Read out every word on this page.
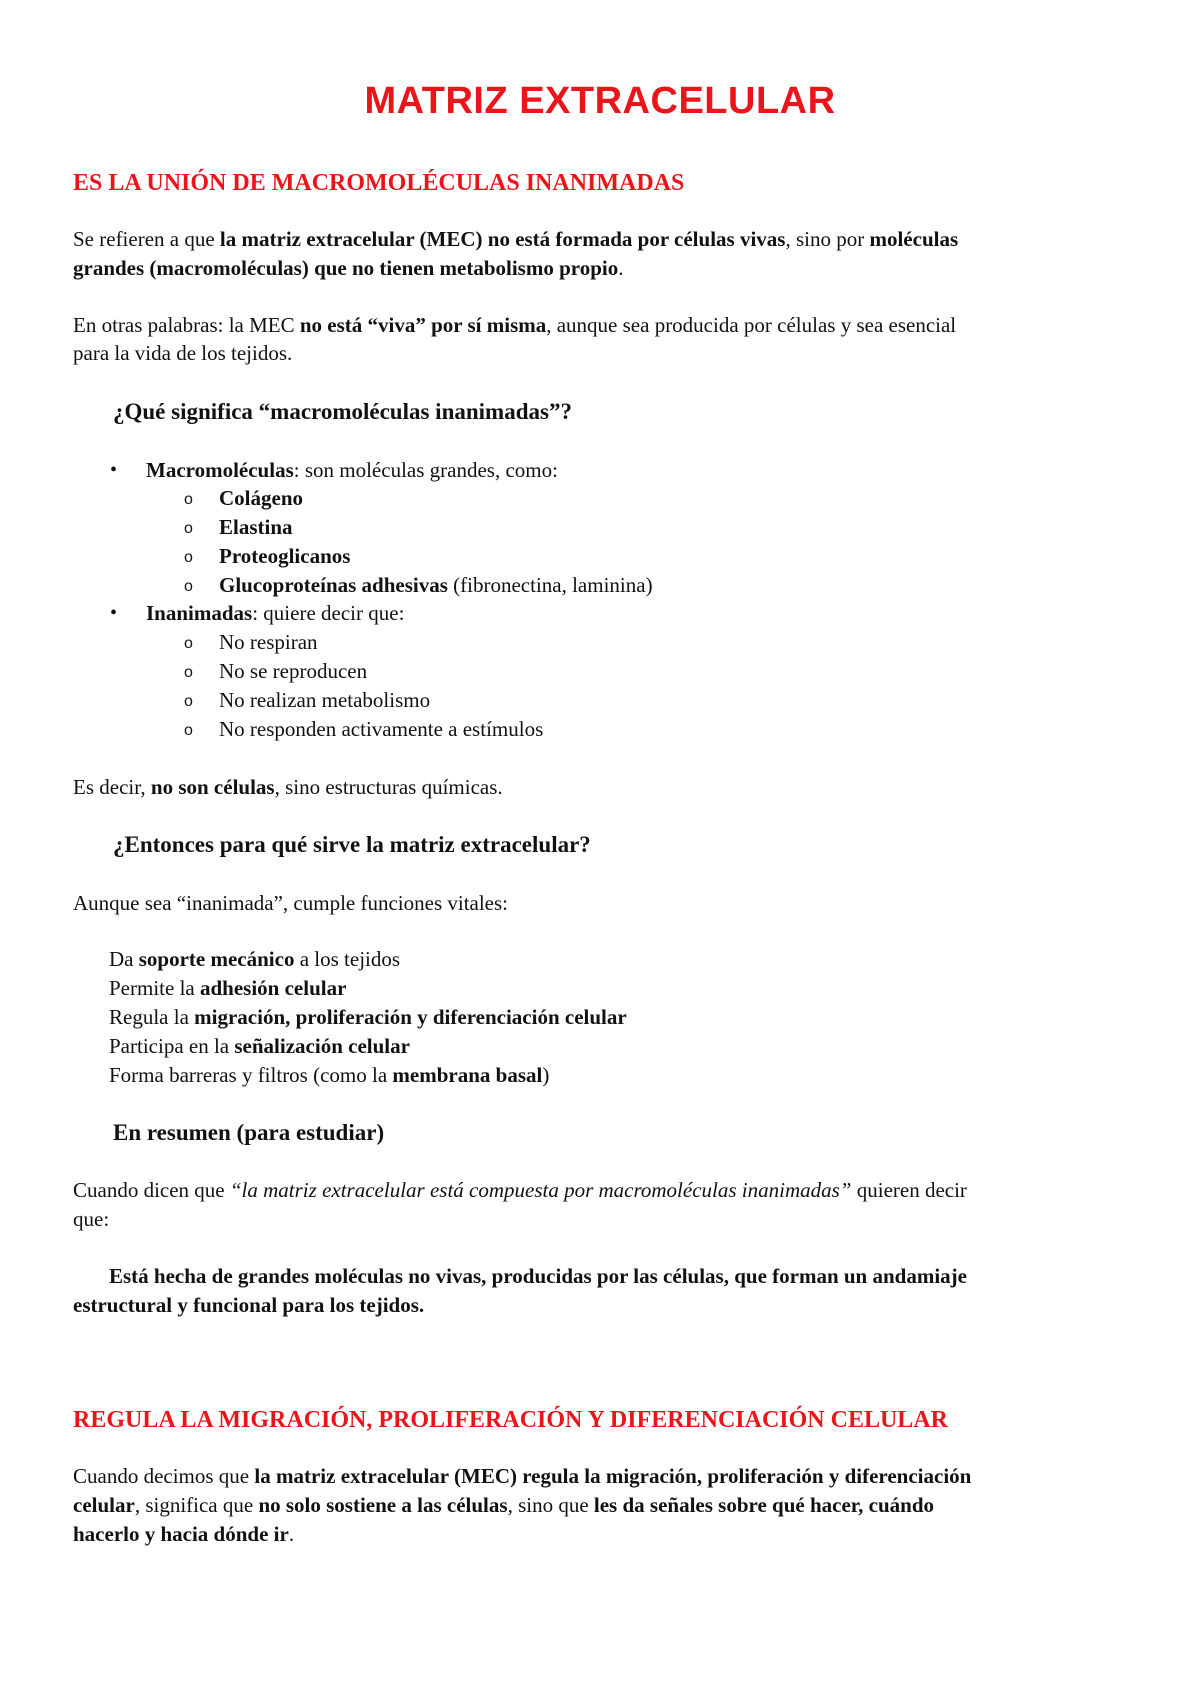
MATRIZ EXTRACELULAR
ES LA UNIÓN DE MACROMOLÉCULAS INANIMADAS
Se refieren a que la matriz extracelular (MEC) no está formada por células vivas, sino por moléculas
grandes (macromoléculas) que no tienen metabolismo propio.
En otras palabras: la MEC no está “viva” por sí misma, aunque sea producida por células y sea esencial
para la vida de los tejidos.
¿Qué significa “macromoléculas inanimadas”?
• Macromoléculas: son moléculas grandes, como:
o Colágeno
o Elastina
o Proteoglicanos
o Glucoproteínas adhesivas (fibronectina, laminina)
• Inanimadas: quiere decir que:
o No respiran
o No se reproducen
o No realizan metabolismo
o No responden activamente a estímulos
Es decir, no son células, sino estructuras químicas.
¿Entonces para qué sirve la matriz extracelular?
Aunque sea “inanimada”, cumple funciones vitales:
Da soporte mecánico a los tejidos
Permite la adhesión celular
Regula la migración, proliferación y diferenciación celular
Participa en la señalización celular
Forma barreras y filtros (como la membrana basal)
En resumen (para estudiar)
Cuando dicen que “la matriz extracelular está compuesta por macromoléculas inanimadas” quieren decir
que:
Está hecha de grandes moléculas no vivas, producidas por las células, que forman un andamiaje
estructural y funcional para los tejidos.
REGULA LA MIGRACIÓN, PROLIFERACIÓN Y DIFERENCIACIÓN CELULAR
Cuando decimos que la matriz extracelular (MEC) regula la migración, proliferación y diferenciación
celular, significa que no solo sostiene a las células, sino que les da señales sobre qué hacer, cuándo
hacerlo y hacia dónde ir.
